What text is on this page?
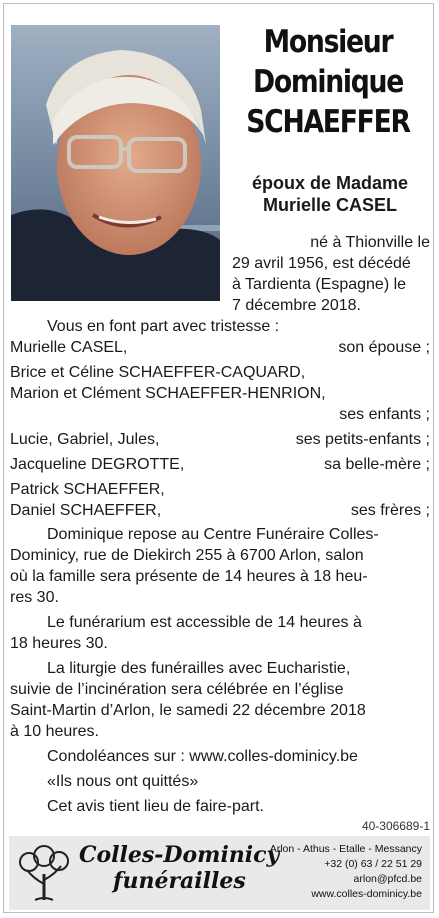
Monsieur
Dominique
SCHAEFFER
époux de Madame
Murielle CASEL
né à Thionville le
29 avril 1956, est décédé
à Tardienta (Espagne) le
7 décembre 2018.
Vous en font part avec tristesse :
Murielle CASEL,	son épouse ;
Brice et Céline SCHAEFFER-CAQUARD,
Marion et Clément SCHAEFFER-HENRION,
ses enfants ;
Lucie, Gabriel, Jules,	ses petits-enfants ;
Jacqueline DEGROTTE,	sa belle-mère ;
Patrick SCHAEFFER,
Daniel SCHAEFFER,	ses frères ;
Dominique repose au Centre Funéraire Colles-
Dominicy, rue de Diekirch 255 à 6700 Arlon, salon
où la famille sera présente de 14 heures à 18 heu-
res 30.
Le funérarium est accessible de 14 heures à
18 heures 30.
La liturgie des funérailles avec Eucharistie,
suivie de l’incinération sera célébrée en l’église
Saint-Martin d’Arlon, le samedi 22 décembre 2018
à 10 heures.
Condoléances sur : www.colles-dominicy.be
«Ils nous ont quittés»
Cet avis tient lieu de faire-part.
40-306689-1
Colles-Dominicy
funérailles
Arlon - Athus - Etalle - Messancy
+32 (0) 63 / 22 51 29
arlon@pfcd.be
www.colles-dominicy.be
